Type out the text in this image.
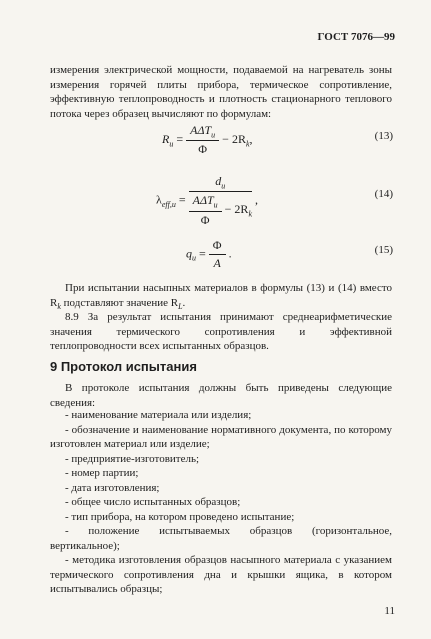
ГОСТ 7076—99
измерения электрической мощности, подаваемой на нагреватель зоны измерения горячей плиты прибора, термическое сопротивление, эффективную теплопроводность и плотность стационарного теплового потока через образец вычисляют по формулам:
$R_u = \frac{A\Delta T_u}{\Phi} - 2R_k$,	(13)
$\lambda_{eff,u} = \frac{d_u}{\frac{A\Delta T_u}{\Phi} - 2R_k}$ ,	(14)
$q_u = \frac{\Phi}{A}$ .	(15)
При испытании насыпных материалов в формулы (13) и (14) вместо $R_k$ подставляют значение $R_L$.
8.9 За результат испытания принимают среднеарифметические значения термического сопротивления и эффективной теплопроводности всех испытанных образцов.
9 Протокол испытания
В протоколе испытания должны быть приведены следующие сведения:
- наименование материала или изделия;
- обозначение и наименование нормативного документа, по которому изготовлен материал или изделие;
- предприятие-изготовитель;
- номер партии;
- дата изготовления;
- общее число испытанных образцов;
- тип прибора, на котором проведено испытание;
- положение испытываемых образцов (горизонтальное, вертикальное);
- методика изготовления образцов насыпного материала с указанием термического сопротивления дна и крышки ящика, в котором испытывались образцы;
11
